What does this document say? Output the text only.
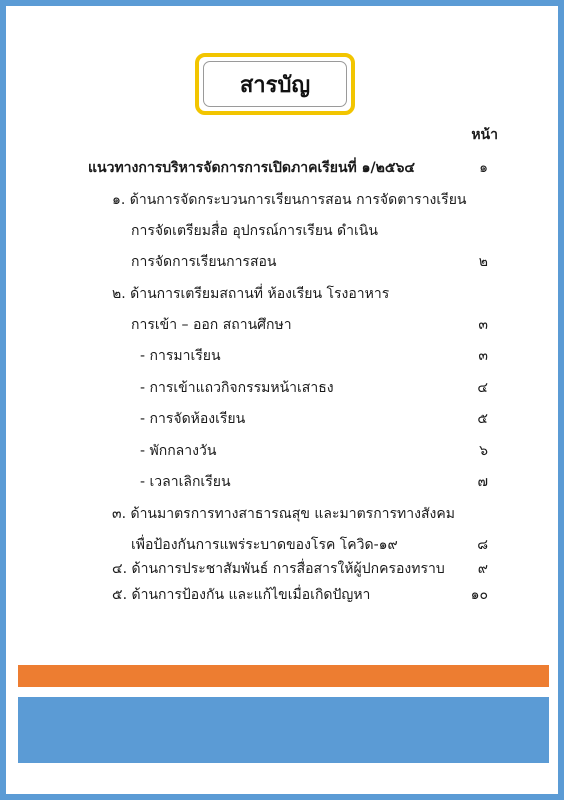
สารบัญ
หน้า
แนวทางการบริหารจัดการการเปิดภาคเรียนที่ ๑/๒๕๖๔	๑
๑. ด้านการจัดกระบวนการเรียนการสอน การจัดตารางเรียน
การจัดเตรียมสื่อ อุปกรณ์การเรียน ดำเนิน
การจัดการเรียนการสอน	๒
๒. ด้านการเตรียมสถานที่ ห้องเรียน โรงอาหาร
การเข้า – ออก สถานศึกษา	๓
- การมาเรียน	๓
- การเข้าแถวกิจกรรมหน้าเสาธง	๔
- การจัดห้องเรียน	๕
- พักกลางวัน	๖
- เวลาเลิกเรียน	๗
๓. ด้านมาตรการทางสาธารณสุข และมาตรการทางสังคม
เพื่อป้องกันการแพร่ระบาดของโรค โควิด-๑๙	๘
๔. ด้านการประชาสัมพันธ์ การสื่อสารให้ผู้ปกครองทราบ ๙
๕. ด้านการป้องกัน และแก้ไขเมื่อเกิดปัญหา	๑๐
